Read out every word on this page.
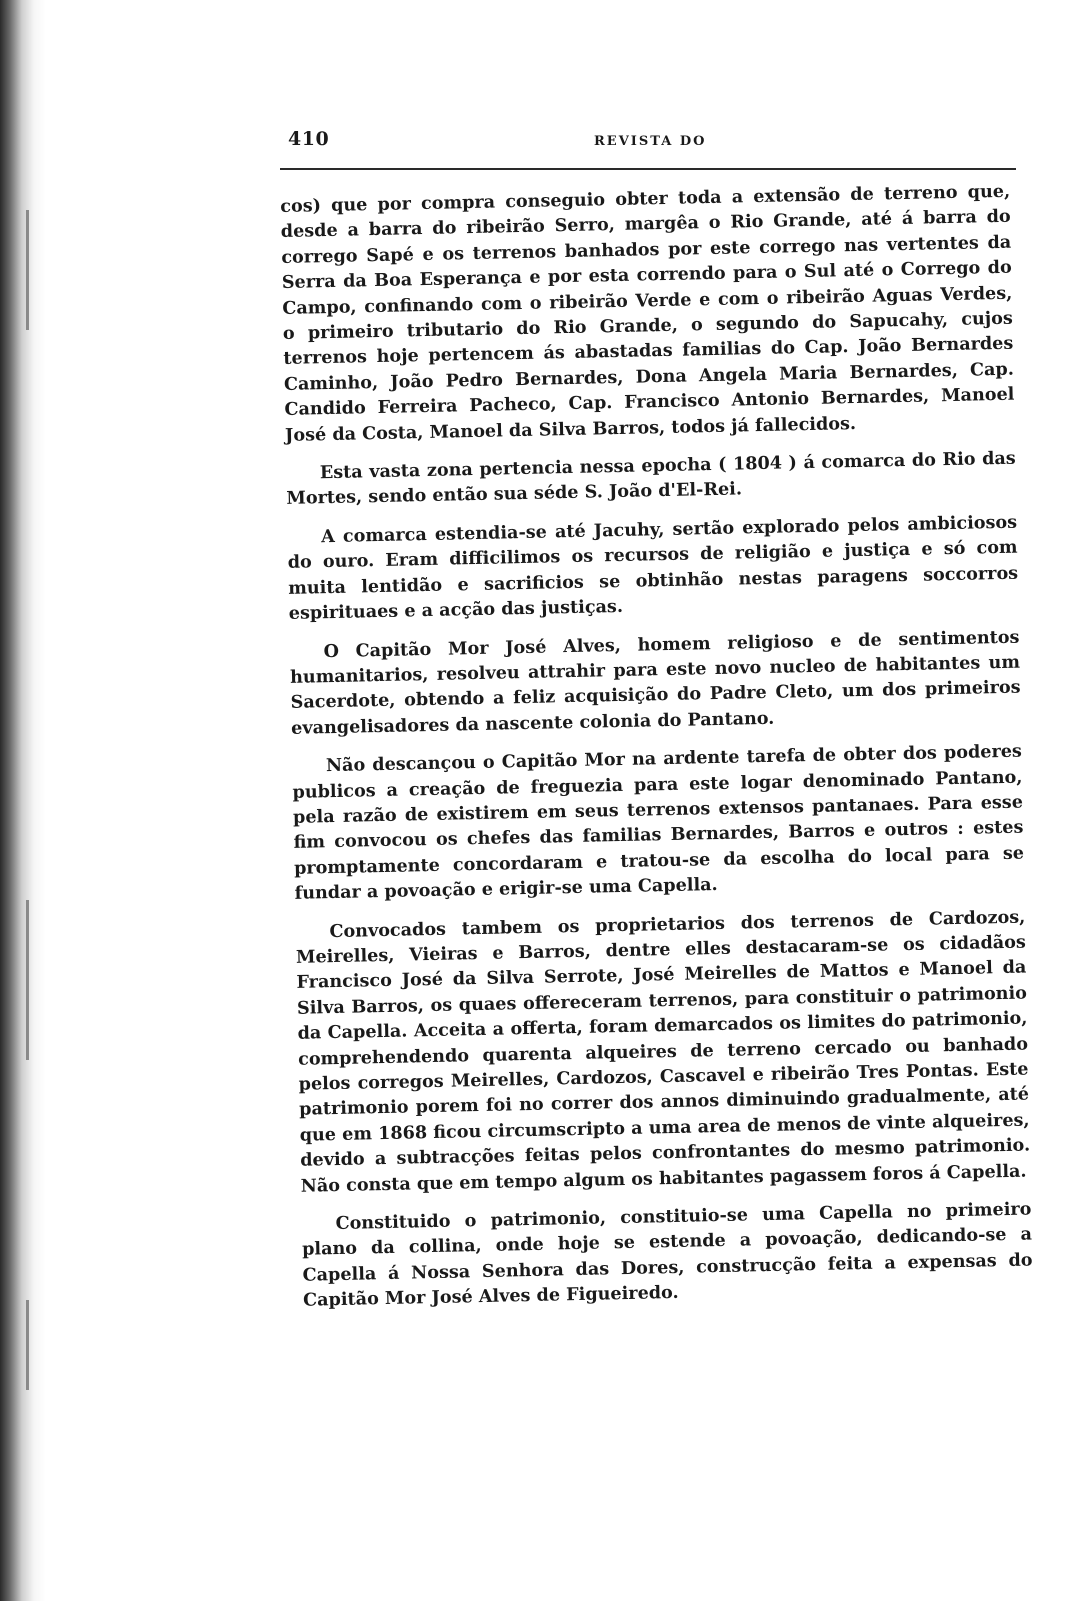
410	REVISTA DO

cos) que por compra conseguio obter toda a extensão de terreno que, desde a barra do ribeirão Serro, margêa o Rio Grande, até á barra do corrego Sapé e os terrenos banhados por este corrego nas vertentes da Serra da Boa Esperança e por esta correndo para o Sul até o Corrego do Campo, confinando com o ribeirão Verde e com o ribeirão Aguas Verdes, o primeiro tributario do Rio Grande, o segundo do Sapucahy, cujos terrenos hoje pertencem ás abastadas familias do Cap. João Bernardes Caminho, João Pedro Bernardes, Dona Angela Maria Bernardes, Cap. Candido Ferreira Pacheco, Cap. Francisco Antonio Bernardes, Manoel José da Costa, Manoel da Silva Barros, todos já fallecidos.

Esta vasta zona pertencia nessa epocha ( 1804 ) á comarca do Rio das Mortes, sendo então sua séde S. João d'El-Rei.

A comarca estendia-se até Jacuhy, sertão explorado pelos ambiciosos do ouro. Eram difficilimos os recursos de religião e justiça e só com muita lentidão e sacrificios se obtinhão nestas paragens soccorros espirituaes e a acção das justiças.

O Capitão Mor José Alves, homem religioso e de sentimentos humanitarios, resolveu attrahir para este novo nucleo de habitantes um Sacerdote, obtendo a feliz acquisição do Padre Cleto, um dos primeiros evangelisadores da nascente colonia do Pantano.

Não descançou o Capitão Mor na ardente tarefa de obter dos poderes publicos a creação de freguezia para este logar denominado Pantano, pela razão de existirem em seus terrenos extensos pantanaes. Para esse fim convocou os chefes das familias Bernardes, Barros e outros : estes promptamente concordaram e tratou-se da escolha do local para se fundar a povoação e erigir-se uma Capella.

Convocados tambem os proprietarios dos terrenos de Cardozos, Meirelles, Vieiras e Barros, dentre elles destacaram-se os cidadãos Francisco José da Silva Serrote, José Meirelles de Mattos e Manoel da Silva Barros, os quaes offereceram terrenos, para constituir o patrimonio da Capella. Acceita a offerta, foram demarcados os limites do patrimonio, comprehendendo quarenta alqueires de terreno cercado ou banhado pelos corregos Meirelles, Cardozos, Cascavel e ribeirão Tres Pontas. Este patrimonio porem foi no correr dos annos diminuindo gradualmente, até que em 1868 ficou circumscripto a uma area de menos de vinte alqueires, devido a subtracções feitas pelos confrontantes do mesmo patrimonio. Não consta que em tempo algum os habitantes pagassem foros á Capella.

Constituido o patrimonio, constituio-se uma Capella no primeiro plano da collina, onde hoje se estende a povoação, dedicando-se a Capella á Nossa Senhora das Dores, construcção feita a expensas do Capitão Mor José Alves de Figueiredo.
